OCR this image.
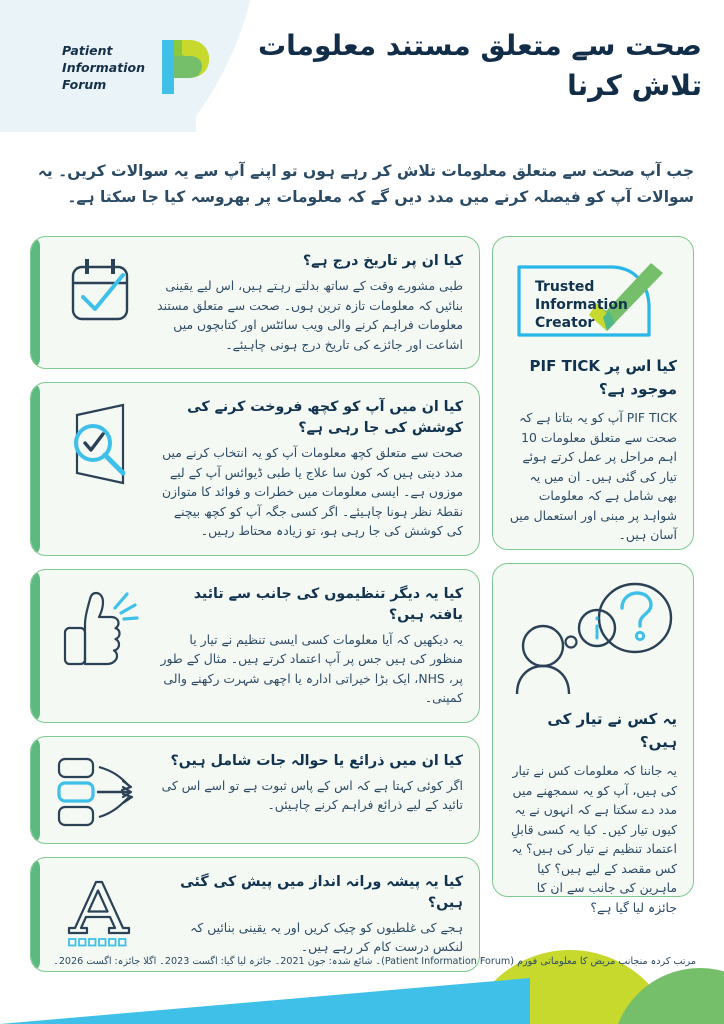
Patient
Information
Forum
صحت سے متعلق مستند معلومات تلاش کرنا
جب آپ صحت سے متعلق معلومات تلاش کر رہے ہوں تو اپنے آپ سے یہ سوالات کریں۔ یہ سوالات آپ کو فیصلہ کرنے میں مدد دیں گے کہ معلومات پر بھروسہ کیا جا سکتا ہے۔

کیا ان پر تاریخ درج ہے؟

طبی مشورے وقت کے ساتھ بدلتے رہتے ہیں، اس لیے یقینی بنائیں کہ معلومات تازہ ترین ہوں۔ صحت سے متعلق مستند معلومات فراہم کرنے والی ویب سائٹس اور کتابچوں میں اشاعت اور جائزے کی تاریخ درج ہونی چاہیئے۔

کیا ان میں آپ کو کچھ فروخت کرنے کی کوشش کی جا رہی ہے؟

صحت سے متعلق کچھ معلومات آپ کو یہ انتخاب کرنے میں مدد دیتی ہیں کہ کون سا علاج یا طبی ڈیوائس آپ کے لیے موزوں ہے۔ ایسی معلومات میں خطرات و فوائد کا متوازن نقطۂ نظر ہونا چاہیئے۔ اگر کسی جگہ آپ کو کچھ بیچنے کی کوشش کی جا رہی ہو، تو زیادہ محتاط رہیں۔

کیا یہ دیگر تنظیموں کی جانب سے تائید یافتہ ہیں؟

یہ دیکھیں کہ آیا معلومات کسی ایسی تنظیم نے تیار یا منظور کی ہیں جس پر آپ اعتماد کرتے ہیں۔ مثال کے طور پر، NHS، ایک بڑا خیراتی ادارہ یا اچھی شہرت رکھنے والی کمپنی۔

کیا ان میں ذرائع یا حوالہ جات شامل ہیں؟

اگر کوئی کہتا ہے کہ اس کے پاس ثبوت ہے تو اسے اس کی تائید کے لیے ذرائع فراہم کرنے چاہیئں۔

کیا یہ پیشہ ورانہ انداز میں پیش کی گئی ہیں؟

ہجے کی غلطیوں کو چیک کریں اور یہ یقینی بنائیں کہ لنکس درست کام کر رہے ہیں۔

Trusted
Information
Creator

کیا اس پر PIF TICK موجود ہے؟

PIF TICK آپ کو یہ بتاتا ہے کہ صحت سے متعلق معلومات 10 اہم مراحل پر عمل کرتے ہوئے تیار کی گئی ہیں۔ ان میں یہ بھی شامل ہے کہ معلومات شواہد پر مبنی اور استعمال میں آسان ہیں۔

یہ کس نے تیار کی ہیں؟

یہ جاننا کہ معلومات کس نے تیار کی ہیں، آپ کو یہ سمجھنے میں مدد دے سکتا ہے کہ انہوں نے یہ کیوں تیار کیں۔ کیا یہ کسی قابلِ اعتماد تنظیم نے تیار کی ہیں؟ یہ کس مقصد کے لیے ہیں؟ کیا ماہرین کی جانب سے ان کا جائزہ لیا گیا ہے؟

مرتب کردہ منجانب مریض کا معلوماتی فورم (Patient Information Forum)۔ شائع شدہ: جون 2021۔ جائزہ لیا گیا: اگست 2023۔ اگلا جائزہ: اگست 2026۔
